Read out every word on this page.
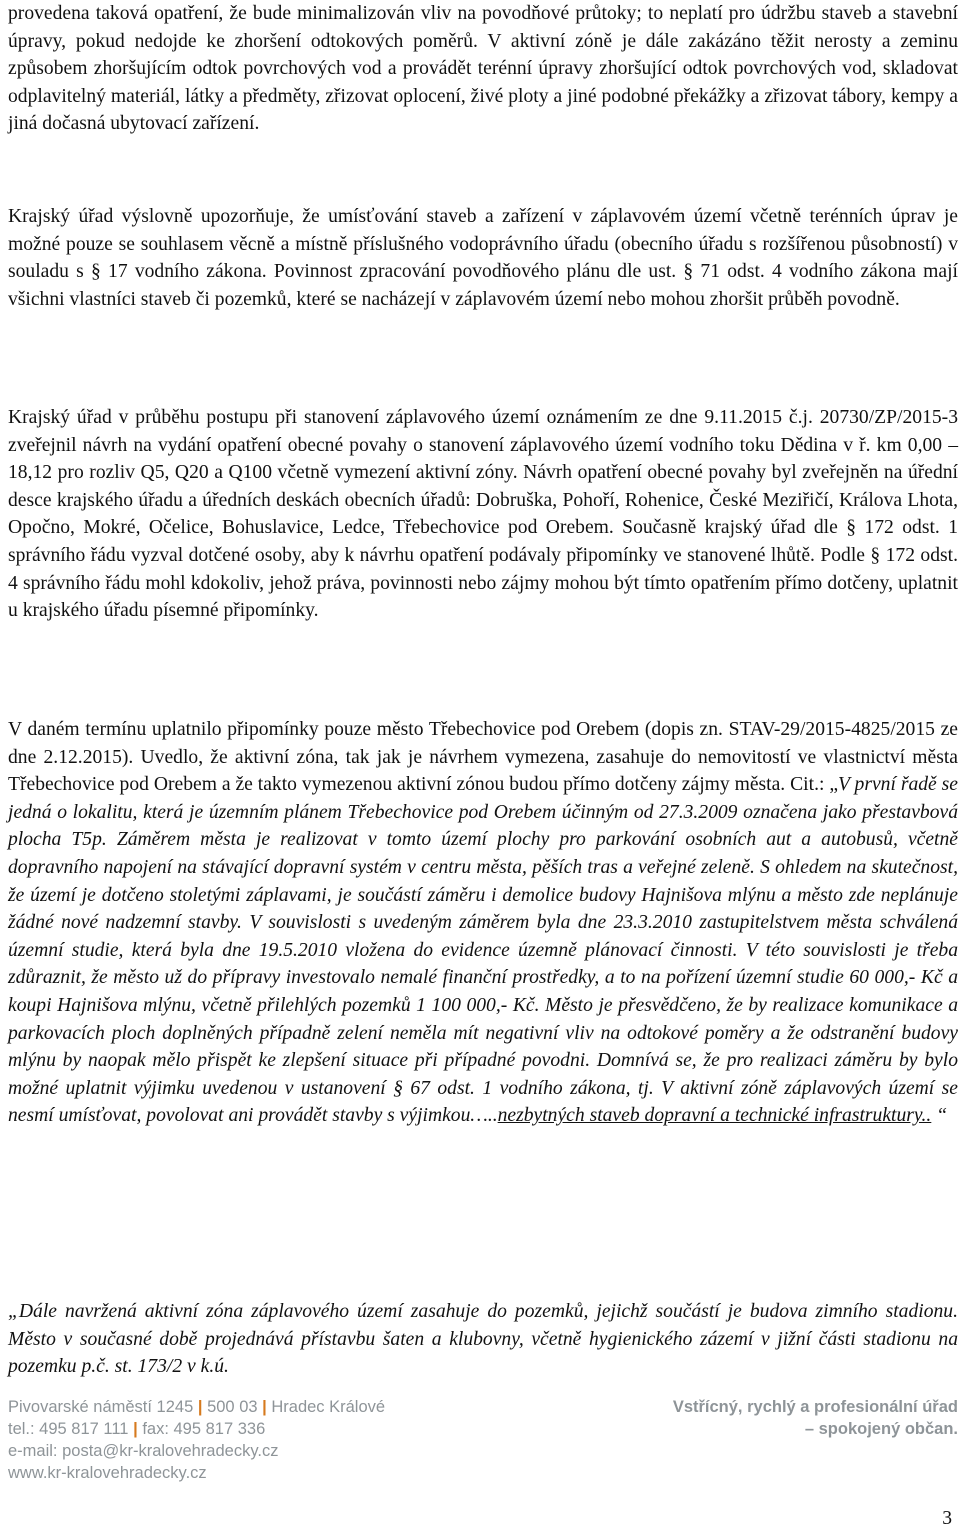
provedena taková opatření, že bude minimalizován vliv na povodňové průtoky; to neplatí pro údržbu staveb a stavební úpravy, pokud nedojde ke zhoršení odtokových poměrů. V aktivní zóně je dále zakázáno těžit nerosty a zeminu způsobem zhoršujícím odtok povrchových vod a provádět terénní úpravy zhoršující odtok povrchových vod, skladovat odplavitelný materiál, látky a předměty, zřizovat oplocení, živé ploty a jiné podobné překážky a zřizovat tábory, kempy a jiná dočasná ubytovací zařízení.

Krajský úřad výslovně upozorňuje, že umísťování staveb a zařízení v záplavovém území včetně terénních úprav je možné pouze se souhlasem věcně a místně příslušného vodoprávního úřadu (obecního úřadu s rozšířenou působností) v souladu s § 17 vodního zákona. Povinnost zpracování povodňového plánu dle ust. § 71 odst. 4 vodního zákona mají všichni vlastníci staveb či pozemků, které se nacházejí v záplavovém území nebo mohou zhoršit průběh povodně.

Krajský úřad v průběhu postupu při stanovení záplavového území oznámením ze dne 9.11.2015 č.j. 20730/ZP/2015-3 zveřejnil návrh na vydání opatření obecné povahy o stanovení záplavového území vodního toku Dědina v ř. km 0,00 – 18,12 pro rozliv Q5, Q20 a Q100 včetně vymezení aktivní zóny. Návrh opatření obecné povahy byl zveřejněn na úřední desce krajského úřadu a úředních deskách obecních úřadů: Dobruška, Pohoří, Rohenice, České Meziřičí, Králova Lhota, Opočno, Mokré, Očelice, Bohuslavice, Ledce, Třebechovice pod Orebem. Současně krajský úřad dle § 172 odst. 1 správního řádu vyzval dotčené osoby, aby k návrhu opatření podávaly připomínky ve stanovené lhůtě. Podle § 172 odst. 4 správního řádu mohl kdokoliv, jehož práva, povinnosti nebo zájmy mohou být tímto opatřením přímo dotčeny, uplatnit u krajského úřadu písemné připomínky.

V daném termínu uplatnilo připomínky pouze město Třebechovice pod Orebem (dopis zn. STAV-29/2015-4825/2015 ze dne 2.12.2015). Uvedlo, že aktivní zóna, tak jak je návrhem vymezena, zasahuje do nemovitostí ve vlastnictví města Třebechovice pod Orebem a že takto vymezenou aktivní zónou budou přímo dotčeny zájmy města. Cit.: „V první řadě se jedná o lokalitu, která je územním plánem Třebechovice pod Orebem účinným od 27.3.2009 označena jako přestavbová plocha T5p. Záměrem města je realizovat v tomto území plochy pro parkování osobních aut a autobusů, včetně dopravního napojení na stávající dopravní systém v centru města, pěších tras a veřejné zeleně. S ohledem na skutečnost, že území je dotčeno stoletými záplavami, je součástí záměru i demolice budovy Hajnišova mlýnu a město zde neplánuje žádné nové nadzemní stavby. V souvislosti s uvedeným záměrem byla dne 23.3.2010 zastupitelstvem města schválená územní studie, která byla dne 19.5.2010 vložena do evidence územně plánovací činnosti. V této souvislosti je třeba zdůraznit, že město už do přípravy investovalo nemalé finanční prostředky, a to na pořízení územní studie 60 000,- Kč a koupi Hajnišova mlýnu, včetně přilehlých pozemků 1 100 000,- Kč. Město je přesvědčeno, že by realizace komunikace a parkovacích ploch doplněných případně zelení neměla mít negativní vliv na odtokové poměry a že odstranění budovy mlýnu by naopak mělo přispět ke zlepšení situace při případné povodni. Domnívá se, že pro realizaci záměru by bylo možné uplatnit výjimku uvedenou v ustanovení § 67 odst. 1 vodního zákona, tj. V aktivní zóně záplavových území se nesmí umísťovat, povolovat ani provádět stavby s výjimkou…..nezbytných staveb dopravní a technické infrastruktury.. “

„Dále navržená aktivní zóna záplavového území zasahuje do pozemků, jejichž součástí je budova zimního stadionu. Město v současné době projednává přístavbu šaten a klubovny, včetně hygienického zázemí v jižní části stadionu na pozemku p.č. st. 173/2 v k.ú.

Pivovarské náměstí 1245 | 500 03 | Hradec Králové
tel.: 495 817 111 | fax: 495 817 336
e-mail: posta@kr-kralovehradecky.cz
www.kr-kralovehradecky.cz
Vstřícný, rychlý a profesionální úřad
– spokojený občan.
3
